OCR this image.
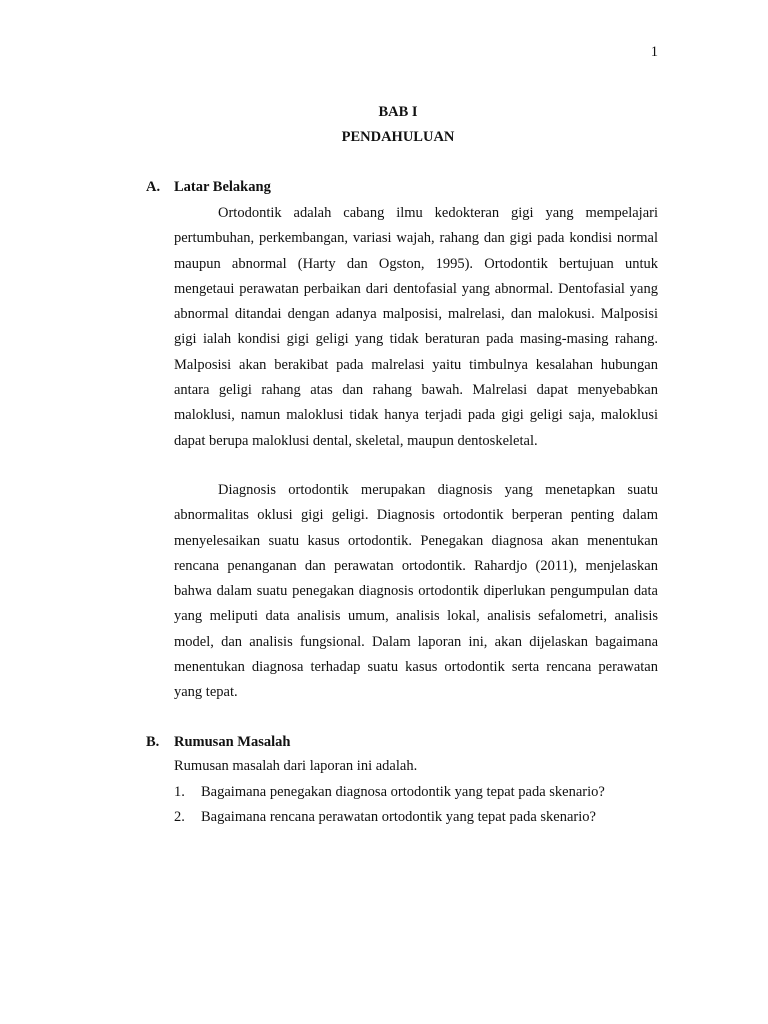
1
BAB I
PENDAHULUAN
A. Latar Belakang

Ortodontik adalah cabang ilmu kedokteran gigi yang mempelajari pertumbuhan, perkembangan, variasi wajah, rahang dan gigi pada kondisi normal maupun abnormal (Harty dan Ogston, 1995). Ortodontik bertujuan untuk mengetaui perawatan perbaikan dari dentofasial yang abnormal. Dentofasial yang abnormal ditandai dengan adanya malposisi, malrelasi, dan malokusi. Malposisi gigi ialah kondisi gigi geligi yang tidak beraturan pada masing-masing rahang. Malposisi akan berakibat pada malrelasi yaitu timbulnya kesalahan hubungan antara geligi rahang atas dan rahang bawah. Malrelasi dapat menyebabkan maloklusi, namun maloklusi tidak hanya terjadi pada gigi geligi saja, maloklusi dapat berupa maloklusi dental, skeletal, maupun dentoskeletal.

Diagnosis ortodontik merupakan diagnosis yang menetapkan suatu abnormalitas oklusi gigi geligi. Diagnosis ortodontik berperan penting dalam menyelesaikan suatu kasus ortodontik. Penegakan diagnosa akan menentukan rencana penanganan dan perawatan ortodontik. Rahardjo (2011), menjelaskan bahwa dalam suatu penegakan diagnosis ortodontik diperlukan pengumpulan data yang meliputi data analisis umum, analisis lokal, analisis sefalometri, analisis model, dan analisis fungsional. Dalam laporan ini, akan dijelaskan bagaimana menentukan diagnosa terhadap suatu kasus ortodontik serta rencana perawatan yang tepat.

B. Rumusan Masalah
Rumusan masalah dari laporan ini adalah.
1. Bagaimana penegakan diagnosa ortodontik yang tepat pada skenario?
2. Bagaimana rencana perawatan ortodontik yang tepat pada skenario?
